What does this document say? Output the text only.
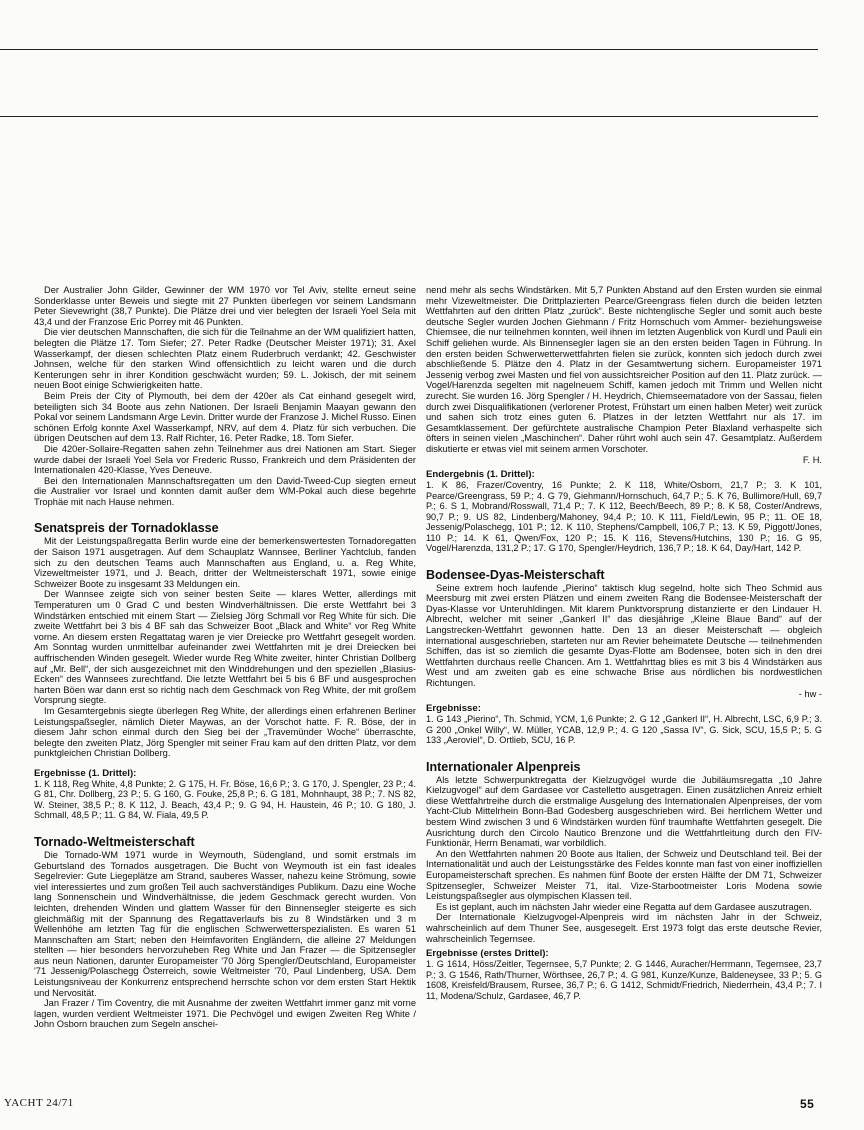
Der Australier John Gilder, Gewinner der WM 1970 vor Tel Aviv, stellte erneut seine Sonderklasse unter Beweis und siegte mit 27 Punkten überlegen vor seinem Landsmann Peter Sievewright (38,7 Punkte). Die Plätze drei und vier belegten der Israeli Yoel Sela mit 43,4 und der Franzose Eric Porrey mit 46 Punkten.

Die vier deutschen Mannschaften, die sich für die Teilnahme an der WM qualifiziert hatten, belegten die Plätze 17. Tom Siefer; 27. Peter Radke (Deutscher Meister 1971); 31. Axel Wasserkampf, der diesen schlechten Platz einem Ruderbruch verdankt; 42. Geschwister Johnsen, welche für den starken Wind offensichtlich zu leicht waren und die durch Kenterungen sehr in ihrer Kondition geschwächt wurden; 59. L. Jokisch, der mit seinem neuen Boot einige Schwierigkeiten hatte.

Beim Preis der City of Plymouth, bei dem der 420er als Cat einhand gesegelt wird, beteiligten sich 34 Boote aus zehn Nationen. Der Israeli Benjamin Maayan gewann den Pokal vor seinem Landsmann Arge Levin. Dritter wurde der Franzose J. Michel Russo. Einen schönen Erfolg konnte Axel Wasserkampf, NRV, auf dem 4. Platz für sich verbuchen. Die übrigen Deutschen auf dem 13. Ralf Richter, 16. Peter Radke, 18. Tom Siefer.

Die 420er-Sollaire-Regatten sahen zehn Teilnehmer aus drei Nationen am Start. Sieger wurde dabei der Israeli Yoel Sela vor Frederic Russo, Frankreich und dem Präsidenten der Internationalen 420-Klasse, Yves Deneuve.

Bei den Internationalen Mannschaftsregatten um den David-Tweed-Cup siegten erneut die Australier vor Israel und konnten damit außer dem WM-Pokal auch diese begehrte Trophäe mit nach Hause nehmen.

Senatspreis der Tornadoklasse

Mit der Leistungspaßregatta Berlin wurde eine der bemerkenswertesten Tornadoregatten der Saison 1971 ausgetragen. Auf dem Schauplatz Wannsee, Berliner Yachtclub, fanden sich zu den deutschen Teams auch Mannschaften aus England, u. a. Reg White, Vizeweltmeister 1971, und J. Beach, dritter der Weltmeisterschaft 1971, sowie einige Schweizer Boote zu insgesamt 33 Meldungen ein.

Der Wannsee zeigte sich von seiner besten Seite — klares Wetter, allerdings mit Temperaturen um 0 Grad C und besten Windverhältnissen. Die erste Wettfahrt bei 3 Windstärken entschied mit einem Start — Zielsieg Jörg Schmall vor Reg White für sich. Die zweite Wettfahrt bei 3 bis 4 BF sah das Schweizer Boot „Black and White“ vor Reg White vorne. An diesem ersten Regattatag waren je vier Dreiecke pro Wettfahrt gesegelt worden. Am Sonntag wurden unmittelbar aufeinander zwei Wettfahrten mit je drei Dreiecken bei auffrischenden Winden gesegelt. Wieder wurde Reg White zweiter, hinter Christian Dollberg auf „Mr. Bell“, der sich ausgezeichnet mit den Winddrehungen und den speziellen „Blasius-Ecken“ des Wannsees zurechtfand. Die letzte Wettfahrt bei 5 bis 6 BF und ausgesprochen harten Böen war dann erst so richtig nach dem Geschmack von Reg White, der mit großem Vorsprung siegte.

Im Gesamtergebnis siegte überlegen Reg White, der allerdings einen erfahrenen Berliner Leistungspaßsegler, nämlich Dieter Maywas, an der Vorschot hatte. F. R. Böse, der in diesem Jahr schon einmal durch den Sieg bei der „Travemünder Woche“ überraschte, belegte den zweiten Platz, Jörg Spengler mit seiner Frau kam auf den dritten Platz, vor dem punktgleichen Christian Dollberg.

Ergebnisse (1. Drittel):

1. K 118, Reg White, 4,8 Punkte; 2. G 175, H. Fr. Böse, 16,6 P.; 3. G 170, J. Spengler, 23 P.; 4. G 81, Chr. Dollberg, 23 P.; 5. G 160, G. Fouke, 25,8 P.; 6. G 181, Mohnhaupt, 38 P.; 7. NS 82, W. Steiner, 38,5 P.; 8. K 112, J. Beach, 43,4 P.; 9. G 94, H. Haustein, 46 P.; 10. G 180, J. Schmall, 48,5 P.; 11. G 84, W. Fiala, 49,5 P.

Tornado-Weltmeisterschaft

Die Tornado-WM 1971 wurde in Weymouth, Südengland, und somit erstmals im Geburtsland des Tornados ausgetragen. Die Bucht von Weymouth ist ein fast ideales Segelrevier: Gute Liegeplätze am Strand, sauberes Wasser, nahezu keine Strömung, sowie viel interessiertes und zum großen Teil auch sachverständiges Publikum. Dazu eine Woche lang Sonnenschein und Windverhältnisse, die jedem Geschmack gerecht wurden. Von leichten, drehenden Winden und glattem Wasser für den Binnenseglег steigerte es sich gleichmäßig mit der Spannung des Regattaverlaufs bis zu 8 Windstärken und 3 m Wellenhöhe am letzten Tag für die englischen Schwerwetterspezialisten. Es waren 51 Mannschaften am Start; neben den Heimfavoriten Engländern, die alleine 27 Meldungen stellten — hier besonders hervorzuheben Reg White und Jan Frazer — die Spitzensegler aus neun Nationen, darunter Europameister '70 Jörg Spengler/Deutschland, Europameister '71 Jessenig/Polaschegg Österreich, sowie Weltmeister '70, Paul Lindenberg, USA. Dem Leistungsniveau der Konkurrenz entsprechend herrschte schon vor dem ersten Start Hektik und Nervosität.

Jan Frazer / Tim Coventry, die mit Ausnahme der zweiten Wettfahrt immer ganz mit vorne lagen, wurden verdient Weltmeister 1971. Die Pechvögel und ewigen Zweiten Reg White / John Osborn brauchen zum Segeln anschei-

nend mehr als sechs Windstärken. Mit 5,7 Punkten Abstand auf den Ersten wurden sie einmal mehr Vizeweltmeister. Die Drittplazierten Pearce/Greengrass fielen durch die beiden letzten Wettfahrten auf den dritten Platz „zurück“. Beste nichtenglische Segler und somit auch beste deutsche Segler wurden Jochen Giehmann / Fritz Hornschuch vom Ammer- beziehungsweise Chiemsee, die nur teilnehmen konnten, weil ihnen im letzten Augenblick von Kurdl und Pauli ein Schiff geliehen wurde. Als Binnensegler lagen sie an den ersten beiden Tagen in Führung. In den ersten beiden Schwerwetterwettfahrten fielen sie zurück, konnten sich jedoch durch zwei abschließende 5. Plätze den 4. Platz in der Gesamtwertung sichern. Europameister 1971 Jessenig verbog zwei Masten und fiel von aussichtsreicher Position auf den 11. Platz zurück. — Vogel/Harenzda segelten mit nagelneuem Schiff, kamen jedoch mit Trimm und Wellen nicht zurecht. Sie wurden 16. Jörg Spengler / H. Heydrich, Chiemseematadore von der Sassau, fielen durch zwei Disqualifikationen (verlorener Protest, Frühstart um einen halben Meter) weit zurück und sahen sich trotz eines guten 6. Platzes in der letzten Wettfahrt nur als 17. im Gesamtklassement. Der gefürchtete australische Champion Peter Blaxland verhaspelte sich öfters in seinen vielen „Maschinchen“. Daher rührt wohl auch sein 47. Gesamtplatz. Außerdem diskutierte er etwas viel mit seinem armen Vorschoter.

F. H.

Endergebnis (1. Drittel):

1. K 86, Frazer/Coventry, 16 Punkte; 2. K 118, White/Osborn, 21,7 P.; 3. K 101, Pearce/Greengrass, 59 P.; 4. G 79, Giehmann/Hornschuch, 64,7 P.; 5. K 76, Bullimore/Hull, 69,7 P.; 6. S 1, Mobrand/Rosswall, 71,4 P.; 7. K 112, Beech/Beech, 89 P.; 8. K 58, Coster/Andrews, 90,7 P.; 9. US 82, Lindenberg/Mahoney, 94,4 P.; 10. K 111, Field/Lewin, 95 P.; 11. OE 18, Jessenig/Polaschegg, 101 P.; 12. K 110, Stephens/Campbell, 106,7 P.; 13. K 59, Piggott/Jones, 110 P.; 14. K 61, Qwen/Fox, 120 P.; 15. K 116, Stevens/Hutchins, 130 P.; 16. G 95, Vogel/Harenzda, 131,2 P.; 17. G 170, Spengler/Heydrich, 136,7 P.; 18. K 64, Day/Hart, 142 P.

Bodensee-Dyas-Meisterschaft

Seine extrem hoch laufende „Pierino“ taktisch klug segelnd, holte sich Theo Schmid aus Meersburg mit zwei ersten Plätzen und einem zweiten Rang die Bodensee-Meisterschaft der Dyas-Klasse vor Unteruhldingen. Mit klarem Punktvorsprung distanzierte er den Lindauer H. Albrecht, welcher mit seiner „Gankerl II“ das diesjährige „Kleine Blaue Band“ auf der Langstrecken-Wettfahrt gewonnen hatte. Den 13 an dieser Meisterschaft — obgleich international ausgeschrieben, starteten nur am Revier beheimatete Deutsche — teilnehmenden Schiffen, das ist so ziemlich die gesamte Dyas-Flotte am Bodensee, boten sich in den drei Wettfahrten durchaus reelle Chancen. Am 1. Wettfahrttag blies es mit 3 bis 4 Windstärken aus West und am zweiten gab es eine schwache Brise aus nördlichen bis nordwestlichen Richtungen.

- hw -

Ergebnisse:

1. G 143 „Pierino“, Th. Schmid, YCM, 1,6 Punkte; 2. G 12 „Gankerl II“, H. Albrecht, LSC, 6,9 P.; 3. G 200 „Onkel Willy“, W. Müller, YCAB, 12,9 P.; 4. G 120 „Sassa IV“, G. Sick, SCU, 15,5 P.; 5. G 133 „Aeroviel“, D. Ortlieb, SCU, 16 P.

Internationaler Alpenpreis

Als letzte Schwerpunktregatta der Kielzugvögel wurde die Jubiläumsregatta „10 Jahre Kielzugvogel“ auf dem Gardasee vor Castelletto ausgetragen. Einen zusätzlichen Anreiz erhielt diese Wettfahrtreihe durch die erstmalige Ausgelung des Internationalen Alpenpreises, der vom Yacht-Club Mittelrhein Bonn-Bad Godesberg ausgeschrieben wird. Bei herrlichem Wetter und bestem Wind zwischen 3 und 6 Windstärken wurden fünf traumhafte Wettfahrten gesegelt. Die Ausrichtung durch den Circolo Nautico Brenzone und die Wettfahrtleitung durch den FIV-Funktionär, Herrn Benamati, war vorbildlich.

An den Wettfahrten nahmen 20 Boote aus Italien, der Schweiz und Deutschland teil. Bei der Internationalität und auch der Leistungsstärke des Feldes konnte man fast von einer inoffiziellen Europameisterschaft sprechen. Es nahmen fünf Boote der ersten Hälfte der DM 71, Schweizer Spitzensegler, Schweizer Meister 71, ital. Vize-Starbootmeister Loris Modena sowie Leistungspaßsegler aus olympischen Klassen teil.

Es ist geplant, auch im nächsten Jahr wieder eine Regatta auf dem Gardasee auszutragen.

Der Internationale Kielzugvogel-Alpenpreis wird im nächsten Jahr in der Schweiz, wahrscheinlich auf dem Thuner See, ausgesegelt. Erst 1973 folgt das erste deutsche Revier, wahrscheinlich Tegernsee.

Ergebnisse (erstes Drittel):

1. G 1614, Höss/Zeitler, Tegernsee, 5,7 Punkte; 2. G 1446, Auracher/Herrmann, Tegernsee, 23,7 P.; 3. G 1546, Rath/Thurner, Wörthsee, 26,7 P.; 4. G 981, Kunze/Kunze, Baldeneysee, 33 P.; 5. G 1608, Kreisfeld/Brausem, Rursee, 36,7 P.; 6. G 1412, Schmidt/Friedrich, Niederrhein, 43,4 P.; 7. I 11, Modena/Schulz, Gardasee, 46,7 P.

YACHT 24/71	55
